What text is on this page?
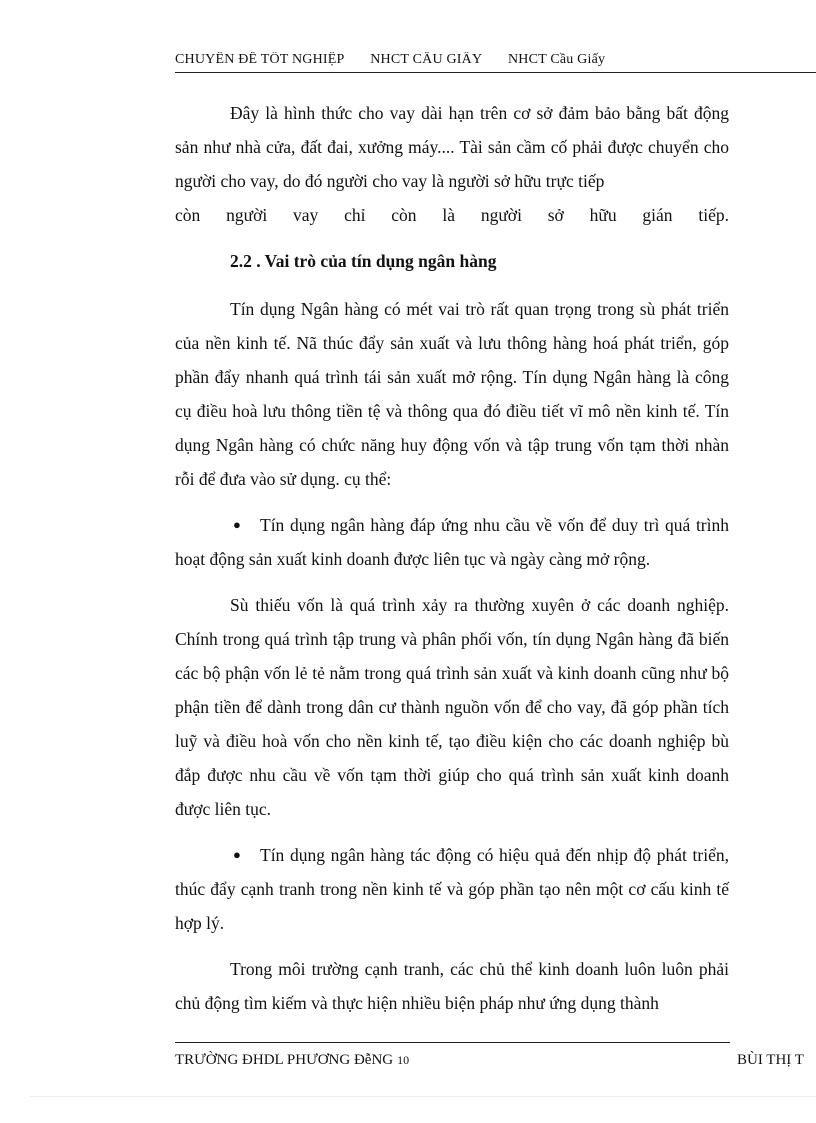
CHUYÊN ĐỀ TỐT NGHIỆP NHCT CẦU GIẤY NHCT Cầu Giấy

Đây là hình thức cho vay dài hạn trên cơ sở đảm bảo bằng bất động sản như nhà cửa, đất đai, xưởng máy.... Tài sản cầm cố phải được chuyển cho người cho vay, do đó người cho vay là người sở hữu trực tiếp
còn người vay chỉ còn là người sở hữu gián tiếp.

2.2 . Vai trò của tín dụng ngân hàng

Tín dụng Ngân hàng có mét vai trò rất quan trọng trong sù phát triển của nền kinh tế. Nã thúc đẩy sản xuất và lưu thông hàng hoá phát triển, góp phần đẩy nhanh quá trình tái sản xuất mở rộng. Tín dụng Ngân hàng là công cụ điều hoà lưu thông tiền tệ và thông qua đó điều tiết vĩ mô nền kinh tế. Tín dụng Ngân hàng có chức năng huy động vốn và tập trung vốn tạm thời nhàn rỗi để đưa vào sử dụng. cụ thể:

● Tín dụng ngân hàng đáp ứng nhu cầu về vốn để duy trì quá trình hoạt động sản xuất kinh doanh được liên tục và ngày càng mở rộng.

Sù thiếu vốn là quá trình xảy ra thường xuyên ở các doanh nghiệp. Chính trong quá trình tập trung và phân phối vốn, tín dụng Ngân hàng đã biến các bộ phận vốn lẻ tẻ nằm trong quá trình sản xuất và kinh doanh cũng như bộ phận tiền để dành trong dân cư thành nguồn vốn để cho vay, đã góp phần tích luỹ và điều hoà vốn cho nền kinh tế, tạo điều kiện cho các doanh nghiệp bù đắp được nhu cầu về vốn tạm thời giúp cho quá trình sản xuất kinh doanh được liên tục.

● Tín dụng ngân hàng tác động có hiệu quả đến nhịp độ phát triển, thúc đẩy cạnh tranh trong nền kinh tế và góp phần tạo nên một cơ cấu kinh tế hợp lý.

Trong môi trường cạnh tranh, các chủ thể kinh doanh luôn luôn phải chủ động tìm kiếm và thực hiện nhiều biện pháp như ứng dụng thành

TRƯỜNG ĐHDL PHƯƠNG ĐễNG 10	BÙI THỊ T
